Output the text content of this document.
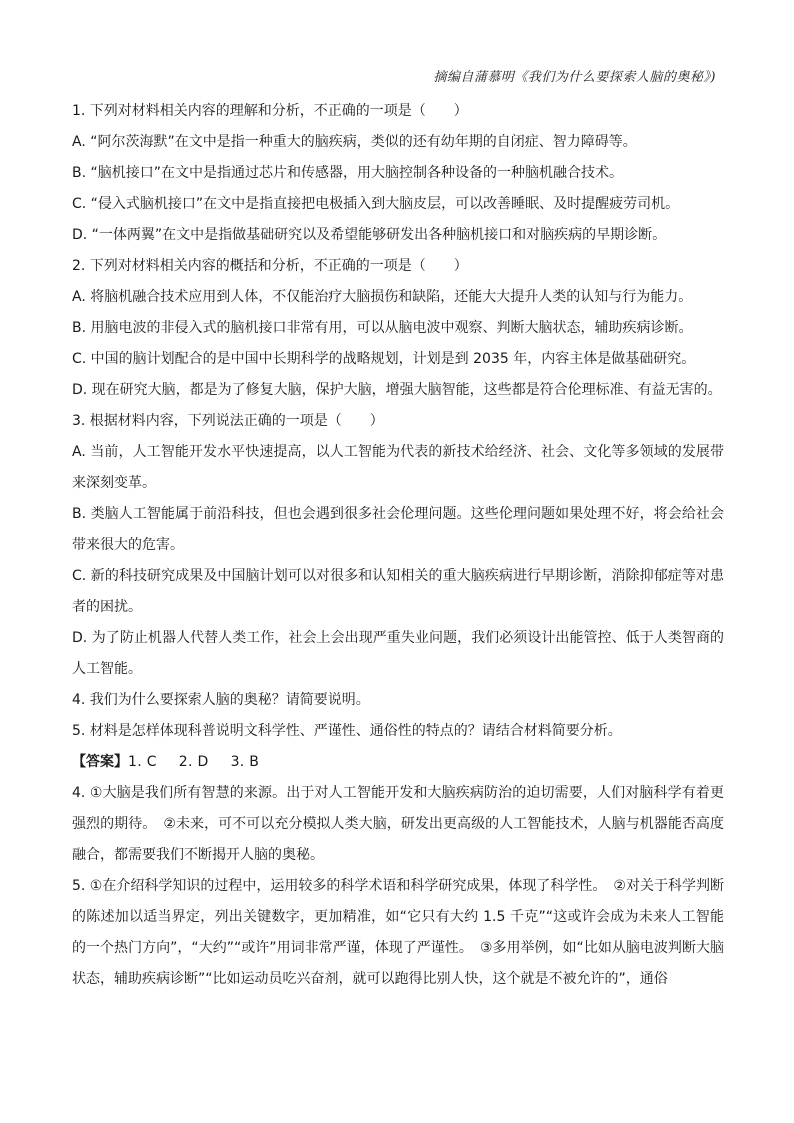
摘编自蒲慕明《我们为什么要探索人脑的奥秘》)

1. 下列对材料相关内容的理解和分析，不正确的一项是（　　）

A. “阿尔茨海默”在文中是指一种重大的脑疾病，类似的还有幼年期的自闭症、智力障碍等。

B. “脑机接口”在文中是指通过芯片和传感器，用大脑控制各种设备的一种脑机融合技术。

C. “侵入式脑机接口”在文中是指直接把电极插入到大脑皮层，可以改善睡眠、及时提醒疲劳司机。

D. “一体两翼”在文中是指做基础研究以及希望能够研发出各种脑机接口和对脑疾病的早期诊断。

2. 下列对材料相关内容的概括和分析，不正确的一项是（　　）

A. 将脑机融合技术应用到人体，不仅能治疗大脑损伤和缺陷，还能大大提升人类的认知与行为能力。

B. 用脑电波的非侵入式的脑机接口非常有用，可以从脑电波中观察、判断大脑状态，辅助疾病诊断。

C. 中国的脑计划配合的是中国中长期科学的战略规划，计划是到 2035 年，内容主体是做基础研究。

D. 现在研究大脑，都是为了修复大脑，保护大脑，增强大脑智能，这些都是符合伦理标准、有益无害的。

3. 根据材料内容，下列说法正确的一项是（　　）

A. 当前，人工智能开发水平快速提高，以人工智能为代表的新技术给经济、社会、文化等多领域的发展带来深刻变革。

B. 类脑人工智能属于前沿科技，但也会遇到很多社会伦理问题。这些伦理问题如果处理不好，将会给社会带来很大的危害。

C. 新的科技研究成果及中国脑计划可以对很多和认知相关的重大脑疾病进行早期诊断，消除抑郁症等对患者的困扰。

D. 为了防止机器人代替人类工作，社会上会出现严重失业问题，我们必须设计出能管控、低于人类智商的人工智能。

4. 我们为什么要探索人脑的奥秘？请简要说明。

5. 材料是怎样体现科普说明文科学性、严谨性、通俗性的特点的？请结合材料简要分析。

【答案】1. C 2. D 3. B

4. ①大脑是我们所有智慧的来源。出于对人工智能开发和大脑疾病防治的迫切需要，人们对脑科学有着更强烈的期待。　②未来，可不可以充分模拟人类大脑，研发出更高级的人工智能技术，人脑与机器能否高度融合，都需要我们不断揭开人脑的奥秘。

5. ①在介绍科学知识的过程中，运用较多的科学术语和科学研究成果，体现了科学性。　②对关于科学判断的陈述加以适当界定，列出关键数字，更加精准，如“它只有大约 1.5 千克”“这或许会成为未来人工智能的一个热门方向”，“大约”“或许”用词非常严谨，体现了严谨性。　③多用举例，如“比如从脑电波判断大脑状态，辅助疾病诊断”“比如运动员吃兴奋剂，就可以跑得比别人快，这个就是不被允许的”，通俗
